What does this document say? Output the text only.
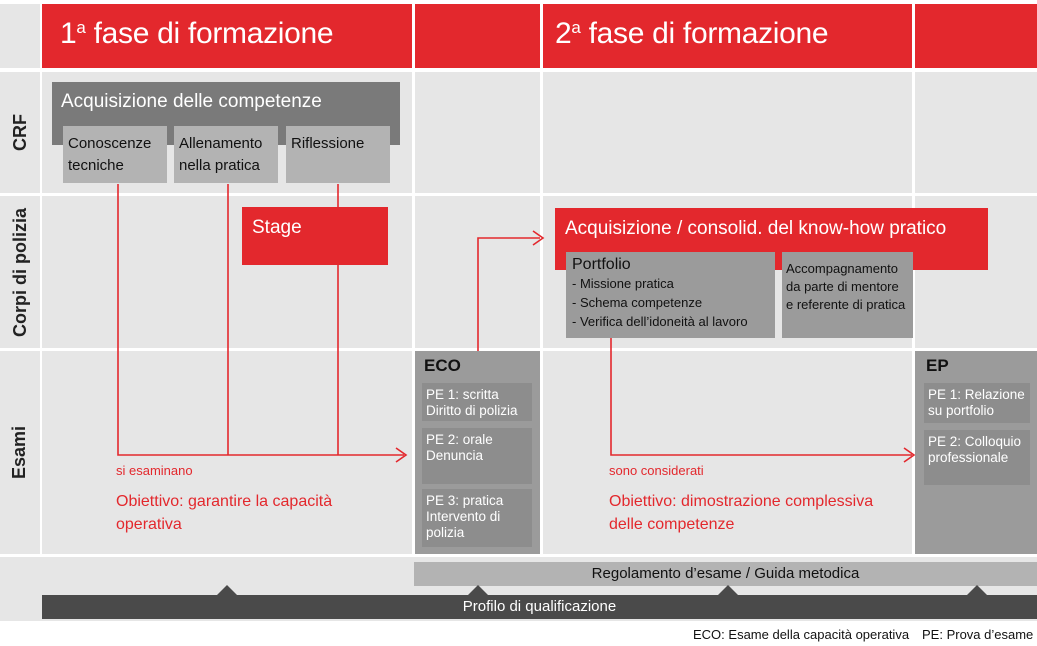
1$^a$ fase di formazione	2$^a$ fase di formazione
CRF
Corpi di polizia
Esami
Acquisizione delle competenze
Conoscenze tecniche
Allenamento nella pratica
Riflessione
Stage	Acquisizione / consolid. del know-how pratico
Portfolio
- Missione pratica
- Schema competenze
- Verifica dell’idoneità al lavoro
Accompagnamento da parte di mentore e referente di pratica
si esaminano
Obiettivo: garantire la capacità operativa
ECO
PE 1: scritta Diritto di polizia
PE 2: orale Denuncia
PE 3: pratica Intervento di polizia
sono considerati
Obiettivo: dimostrazione complessiva delle competenze
EP
PE 1: Relazione su portfolio
PE 2: Colloquio professionale
Regolamento d’esame / Guida metodica
Profilo di qualificazione
ECO: Esame della capacità operativa PE: Prova d’esame
